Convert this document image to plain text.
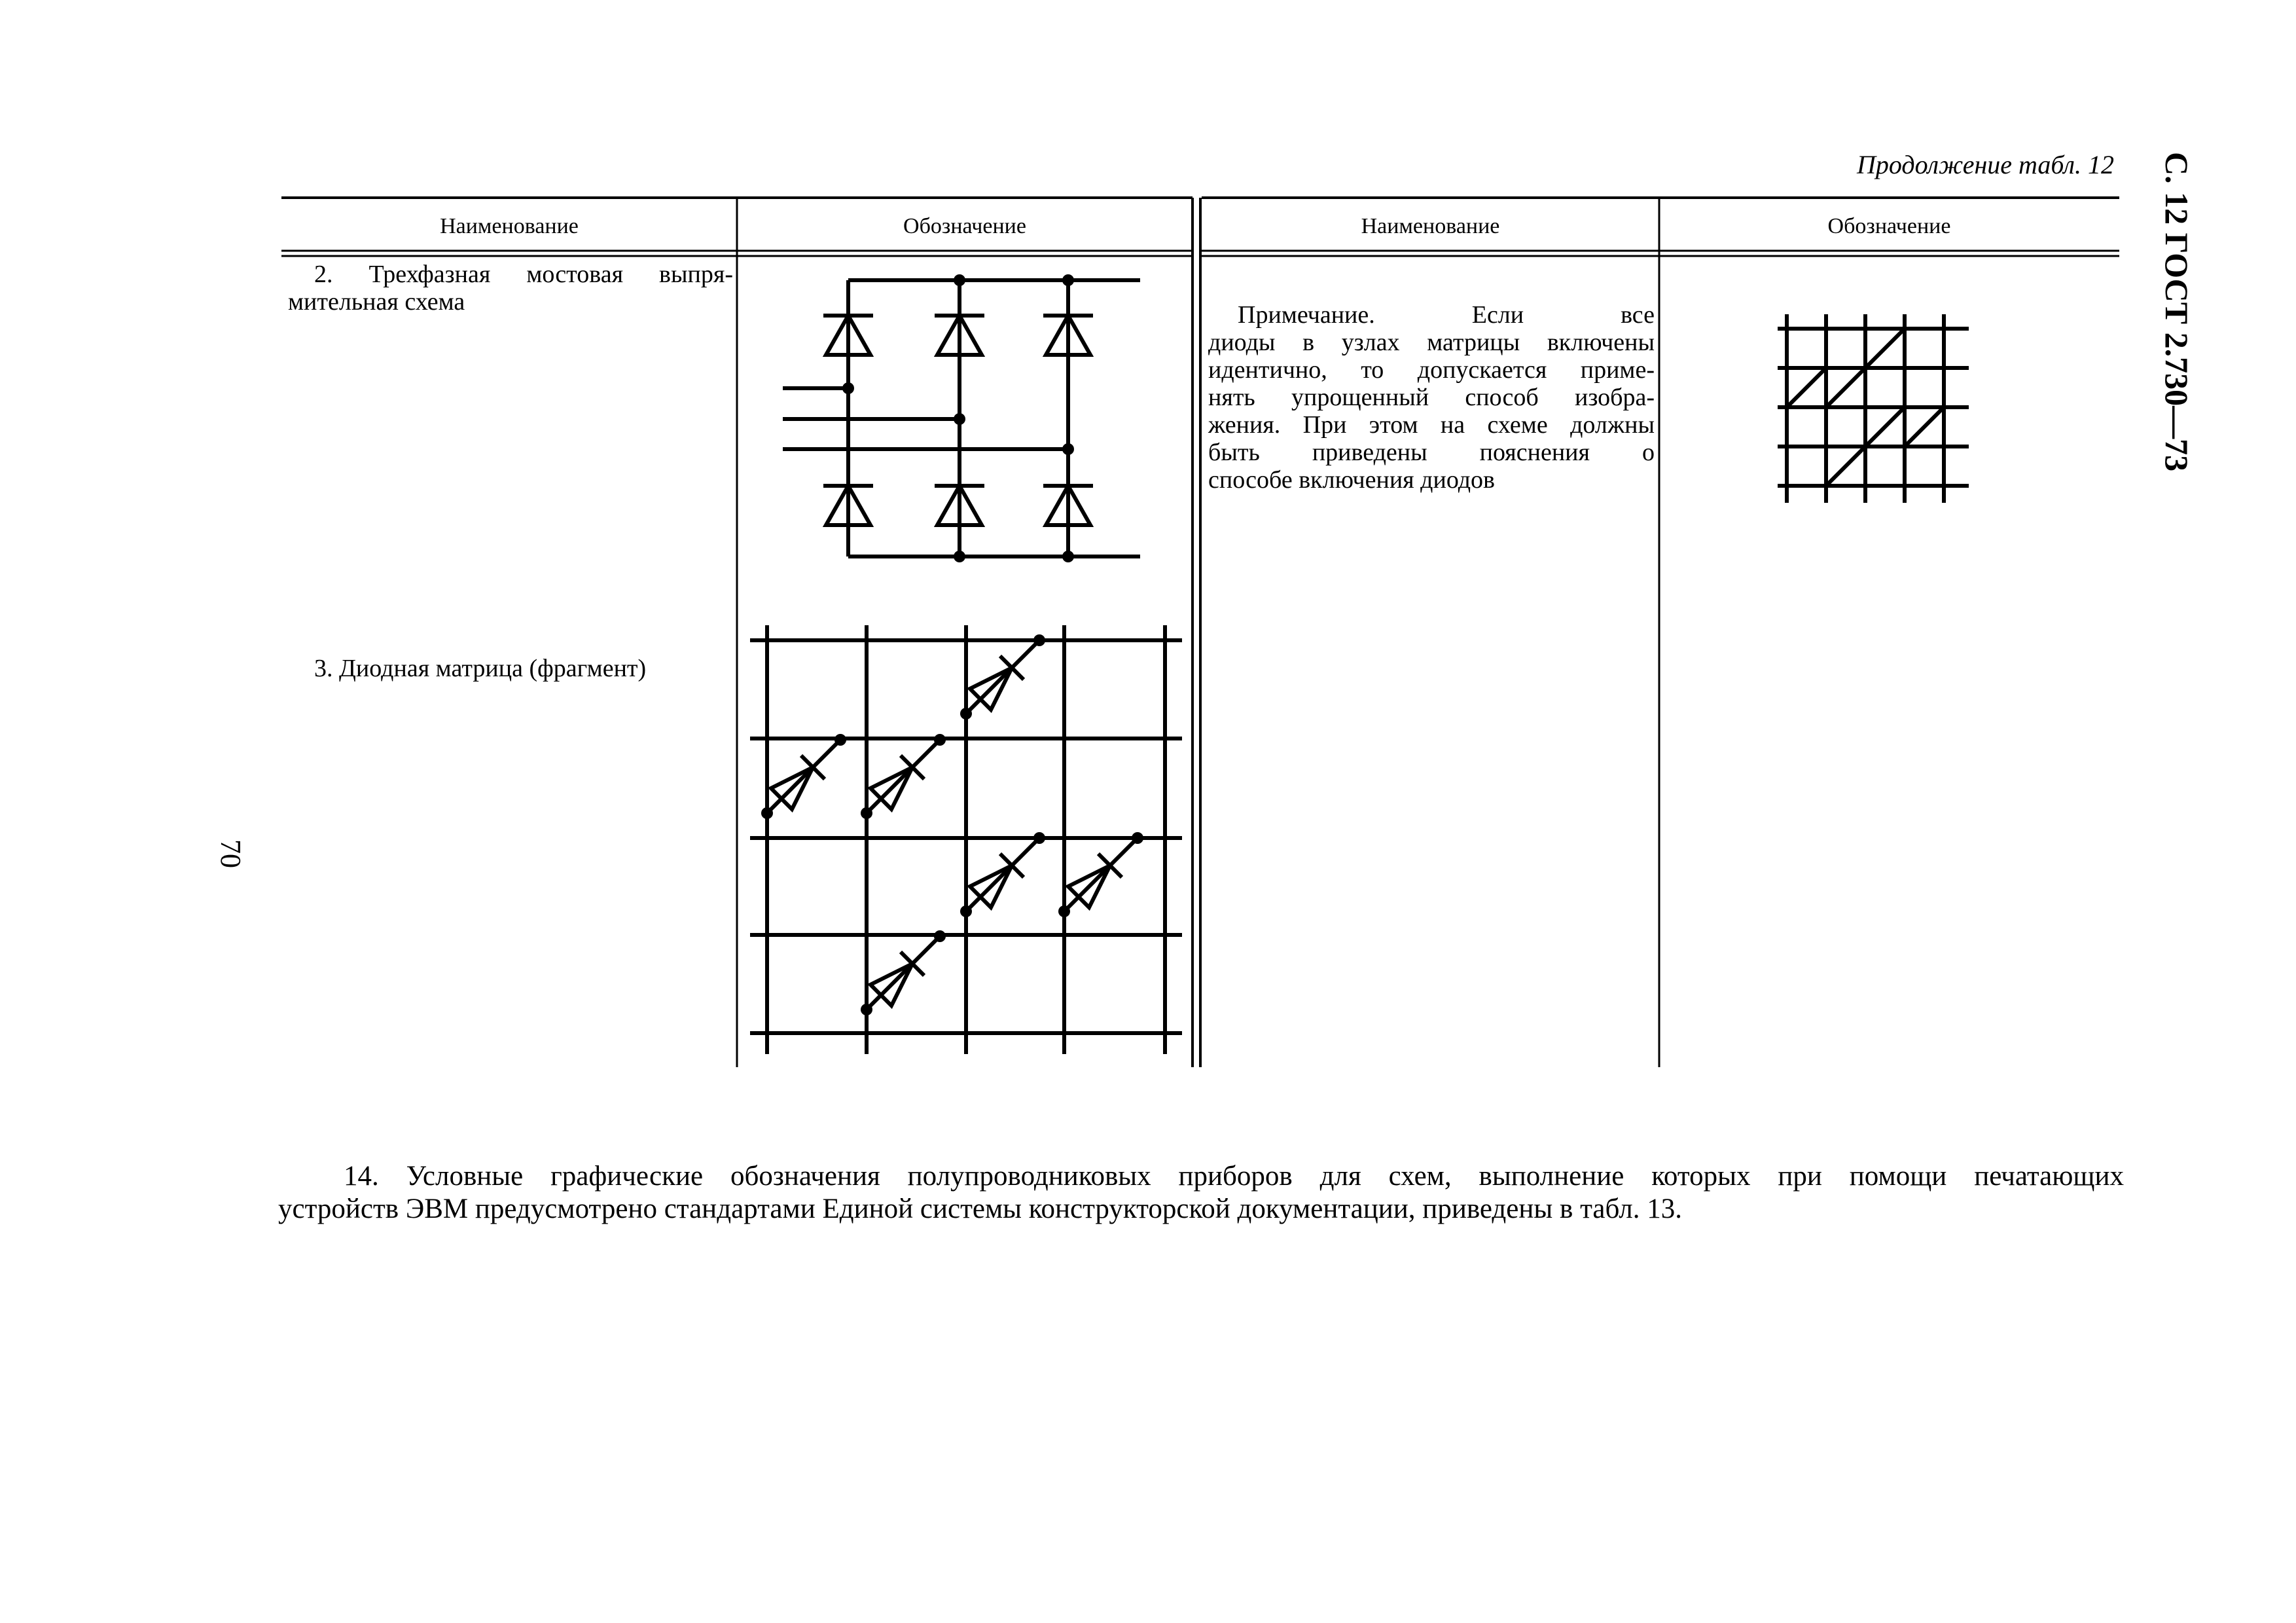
Продолжение табл. 12 С. 12 ГОСТ 2.730—73
70
Наименование	Обозначение	Наименование	Обозначение
2. Трехфазная мостовая выпря-
мительная схема
3. Диодная матрица (фрагмент)
Примечание. Если все
диоды в узлах матрицы включены
идентично, то допускается приме-
нять упрощенный способ изобра-
жения. При этом на схеме должны
быть приведены пояснения о
способе включения диодов
14. Условные графические обозначения полупроводниковых приборов для схем, выполнение которых при помощи печатающих
устройств ЭВМ предусмотрено стандартами Единой системы конструкторской документации, приведены в табл. 13.
